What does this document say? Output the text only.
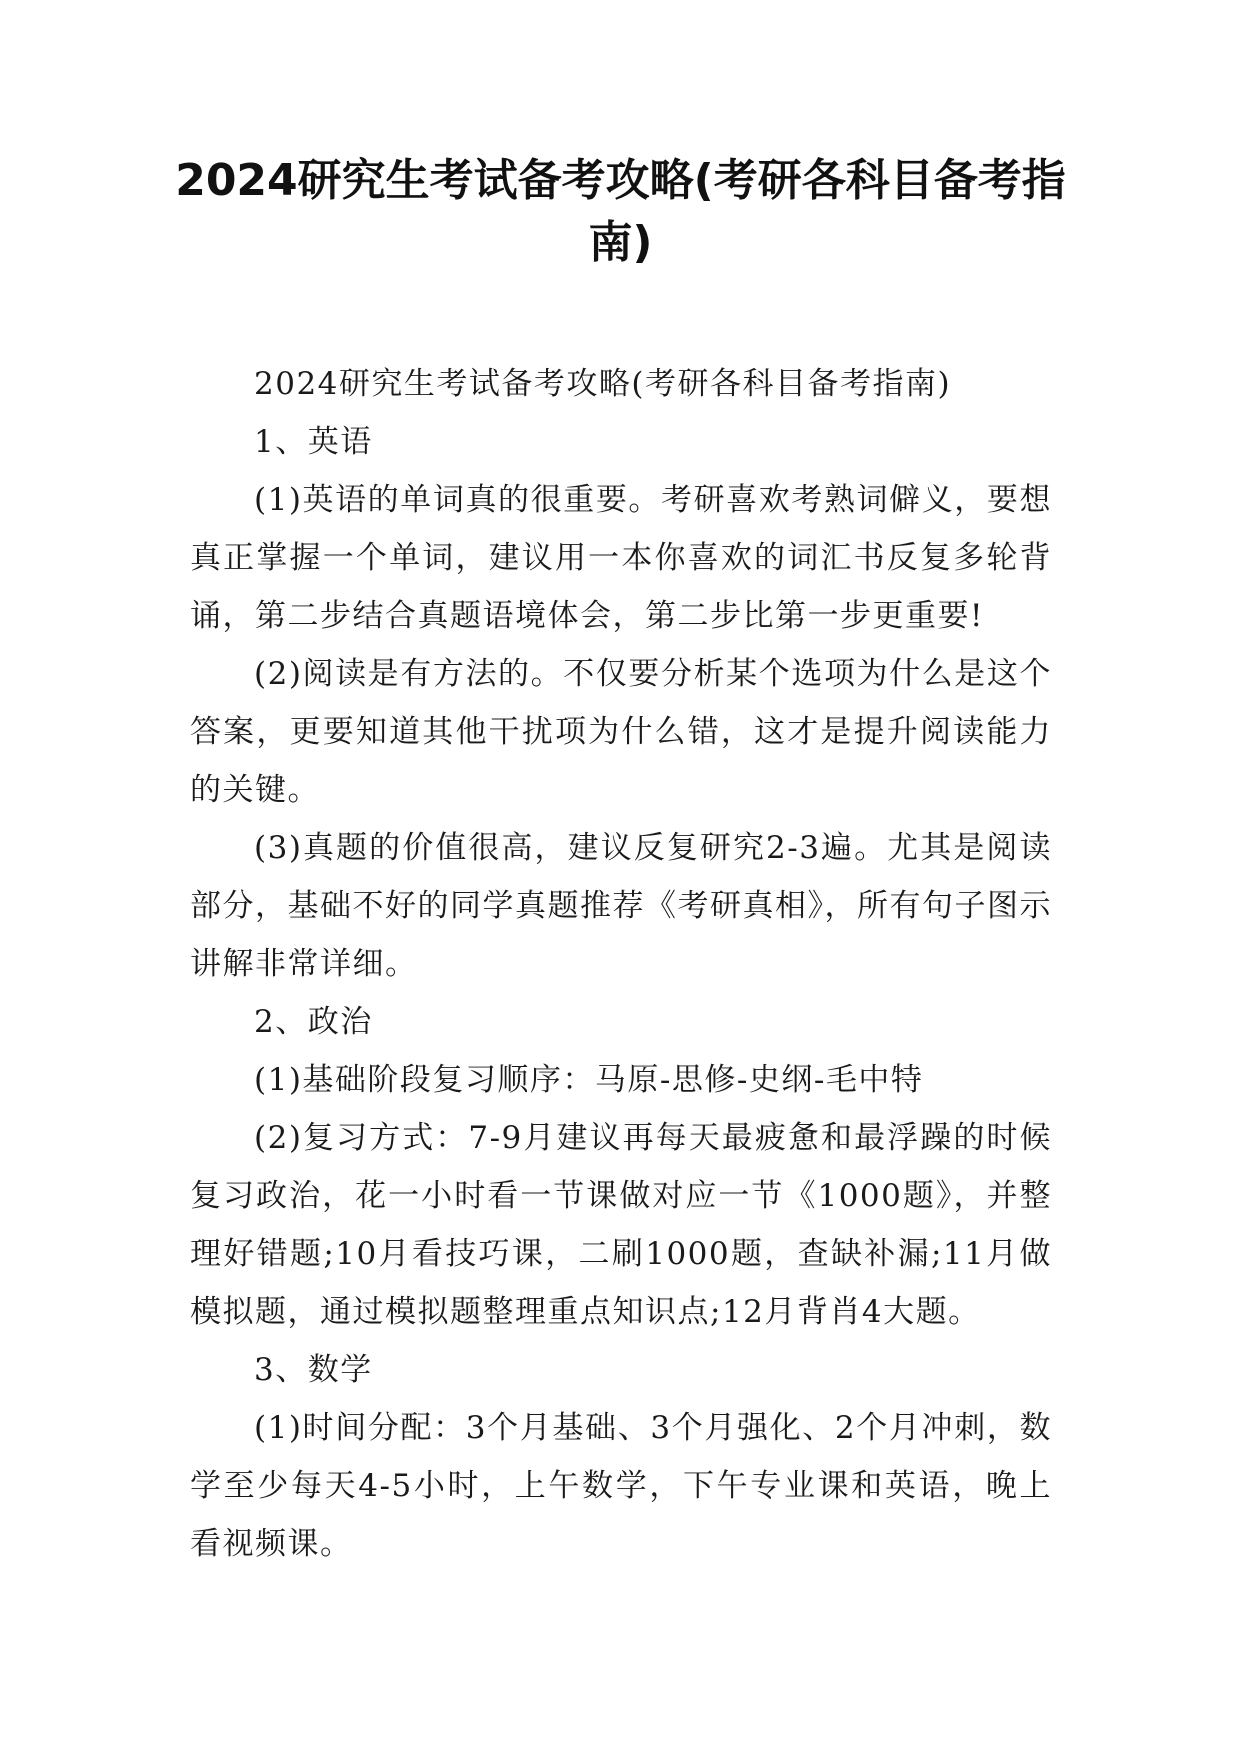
2024研究生考试备考攻略(考研各科目备考指南)

2024研究生考试备考攻略(考研各科目备考指南)

1、英语

(1)英语的单词真的很重要。考研喜欢考熟词僻义，要想真正掌握一个单词，建议用一本你喜欢的词汇书反复多轮背诵，第二步结合真题语境体会，第二步比第一步更重要!

(2)阅读是有方法的。不仅要分析某个选项为什么是这个答案，更要知道其他干扰项为什么错，这才是提升阅读能力的关键。

(3)真题的价值很高，建议反复研究2-3遍。尤其是阅读部分，基础不好的同学真题推荐《考研真相》，所有句子图示讲解非常详细。

2、政治

(1)基础阶段复习顺序：马原-思修-史纲-毛中特

(2)复习方式：7-9月建议再每天最疲惫和最浮躁的时候复习政治，花一小时看一节课做对应一节《1000题》，并整理好错题;10月看技巧课，二刷1000题，查缺补漏;11月做模拟题，通过模拟题整理重点知识点;12月背肖4大题。

3、数学

(1)时间分配：3个月基础、3个月强化、2个月冲刺，数学至少每天4-5小时，上午数学，下午专业课和英语，晚上看视频课。
